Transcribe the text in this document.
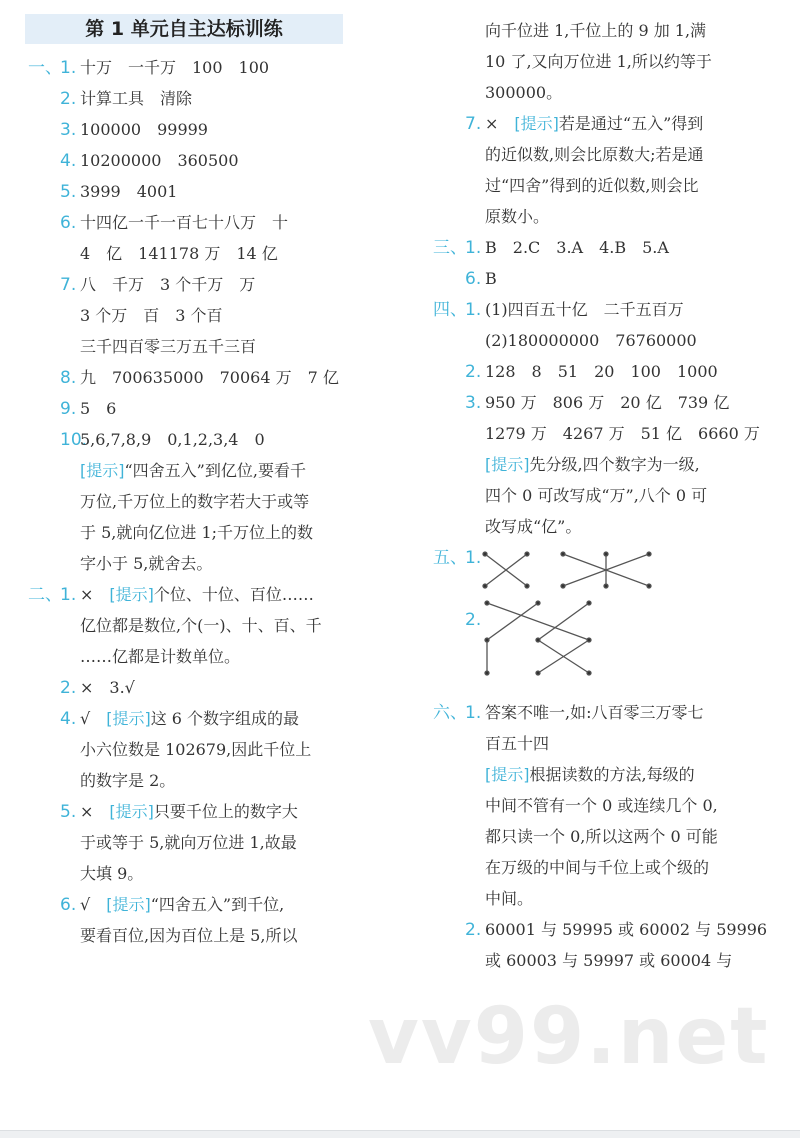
第 1 单元自主达标训练
一、1. 十万　一千万　100　100
2. 计算工具　清除
3. 100000　99999
4. 10200000　360500
5. 3999　4001
6. 十四亿一千一百七十八万　十
4　亿　141178 万　14 亿
7. 八　千万　3 个千万　万
3 个万　百　3 个百
三千四百零三万五千三百
8. 九　700635000　70064 万　7 亿
9. 5　6
10.5,6,7,8,9　0,1,2,3,4　0
[提示]“四舍五入”到亿位,要看千
万位,千万位上的数字若大于或等
于 5,就向亿位进 1;千万位上的数
字小于 5,就舍去。
二、1. ×　[提示]个位、十位、百位……
亿位都是数位,个(一)、十、百、千
……亿都是计数单位。
2. ×　3.√
4. √　[提示]这 6 个数字组成的最
小六位数是 102679,因此千位上
的数字是 2。
5. ×　[提示]只要千位上的数字大
于或等于 5,就向万位进 1,故最
大填 9。
6. √　[提示]“四舍五入”到千位,
要看百位,因为百位上是 5,所以
向千位进 1,千位上的 9 加 1,满
10 了,又向万位进 1,所以约等于
300000。
7. ×　[提示]若是通过“五入”得到
的近似数,则会比原数大;若是通
过“四舍”得到的近似数,则会比
原数小。
三、1. B　2.C　3.A　4.B　5.A
6. B
四、1. (1)四百五十亿　二千五百万
(2)180000000　76760000
2. 128　8　51　20　100　1000
3. 950 万　806 万　20 亿　739 亿
1279 万　4267 万　51 亿　6660 万
[提示]先分级,四个数字为一级,
四个 0 可改写成“万”,八个 0 可
改写成“亿”。
五、1.
2.
六、1. 答案不唯一,如:八百零三万零七
百五十四
[提示]根据读数的方法,每级的
中间不管有一个 0 或连续几个 0,
都只读一个 0,所以这两个 0 可能
在万级的中间与千位上或个级的
中间。
2. 60001 与 59995 或 60002 与 59996
或 60003 与 59997 或 60004 与
vv99.net
